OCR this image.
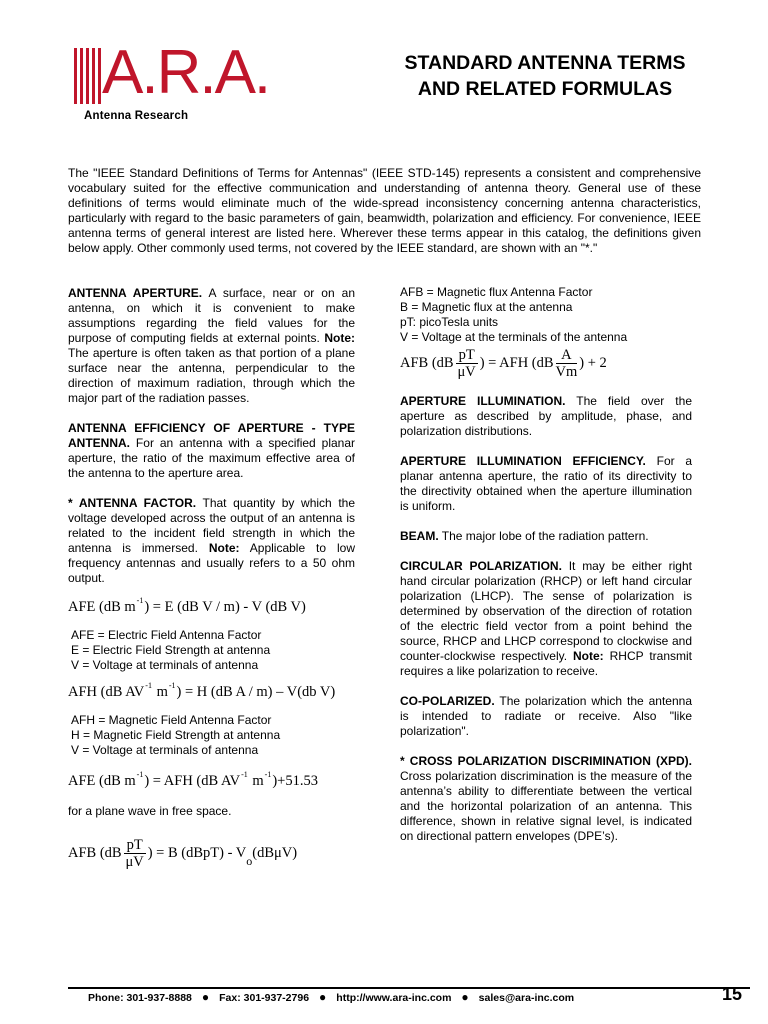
A.R.A.
Antenna Research
STANDARD ANTENNA TERMS
AND RELATED FORMULAS
The "IEEE Standard Definitions of Terms for Antennas" (IEEE STD-145) represents a consistent and comprehensive vocabulary suited for the effective communication and understanding of antenna theory. General use of these definitions of terms would eliminate much of the wide-spread inconsistency concerning antenna characteristics, particularly with regard to the basic parameters of gain, beamwidth, polarization and efficiency. For convenience, IEEE antenna terms of general interest are listed here. Wherever these terms appear in this catalog, the definitions given below apply. Other commonly used terms, not covered by the IEEE standard, are shown with an "*."

ANTENNA APERTURE. A surface, near or on an antenna, on which it is convenient to make assumptions regarding the field values for the purpose of computing fields at external points. Note: The aperture is often taken as that portion of a plane surface near the antenna, perpendicular to the direction of maximum radiation, through which the major part of the radiation passes.

ANTENNA EFFICIENCY OF APERTURE - TYPE ANTENNA. For an antenna with a specified planar aperture, the ratio of the maximum effective area of the antenna to the aperture area.

* ANTENNA FACTOR. That quantity by which the voltage developed across the output of an antenna is related to the incident field strength in which the antenna is immersed. Note: Applicable to low frequency antennas and usually refers to a 50 ohm output.

AFE (dB $m^{-1}) = E$ (dB V / m) - V (dB V)
AFE = Electric Field Antenna Factor
E = Electric Field Strength at antenna
V = Voltage at terminals of antenna
AFH (dB $AV^{-1}$ $m^{-1}) = H$ (dB A / m) – V(db V)
AFH = Magnetic Field Antenna Factor
H = Magnetic Field Strength at antenna
V = Voltage at terminals of antenna
AFE (dB $m^{-1}$) = AFH (dB $AV^{-1}$ $m^{-1})+51.53$
for a plane wave in free space.
AFB ($dB \frac{pT}{\mu V}$ ) = B (dBpT) - $V_o(dB\mu V)$
AFB = Magnetic flux Antenna Factor
B = Magnetic flux at the antenna
pT: picoTesla units
V = Voltage at the terminals of the antenna
AFB ($dB \frac{pT}{\mu V}$ ) = AFH ($dB \frac{A}{Vm}$ ) + 2

APERTURE ILLUMINATION. The field over the aperture as described by amplitude, phase, and polarization distributions.

APERTURE ILLUMINATION EFFICIENCY. For a planar antenna aperture, the ratio of its directivity to the directivity obtained when the aperture illumination is uniform.

BEAM. The major lobe of the radiation pattern.

CIRCULAR POLARIZATION. It may be either right hand circular polarization (RHCP) or left hand circular polarization (LHCP). The sense of polarization is determined by observation of the direction of rotation of the electric field vector from a point behind the source, RHCP and LHCP correspond to clockwise and counter-clockwise respectively. Note: RHCP transmit requires a like polarization to receive.

CO-POLARIZED. The polarization which the antenna is intended to radiate or receive. Also "like polarization".

* CROSS POLARIZATION DISCRIMINATION (XPD). Cross polarization discrimination is the measure of the antenna’s ability to differentiate between the vertical and the horizontal polarization of an antenna. This difference, shown in relative signal level, is indicated on directional pattern envelopes (DPE’s).

Phone: 301-937-8888 ● Fax: 301-937-2796 ● http://www.ara-inc.com ● sales@ara-inc.com	15
